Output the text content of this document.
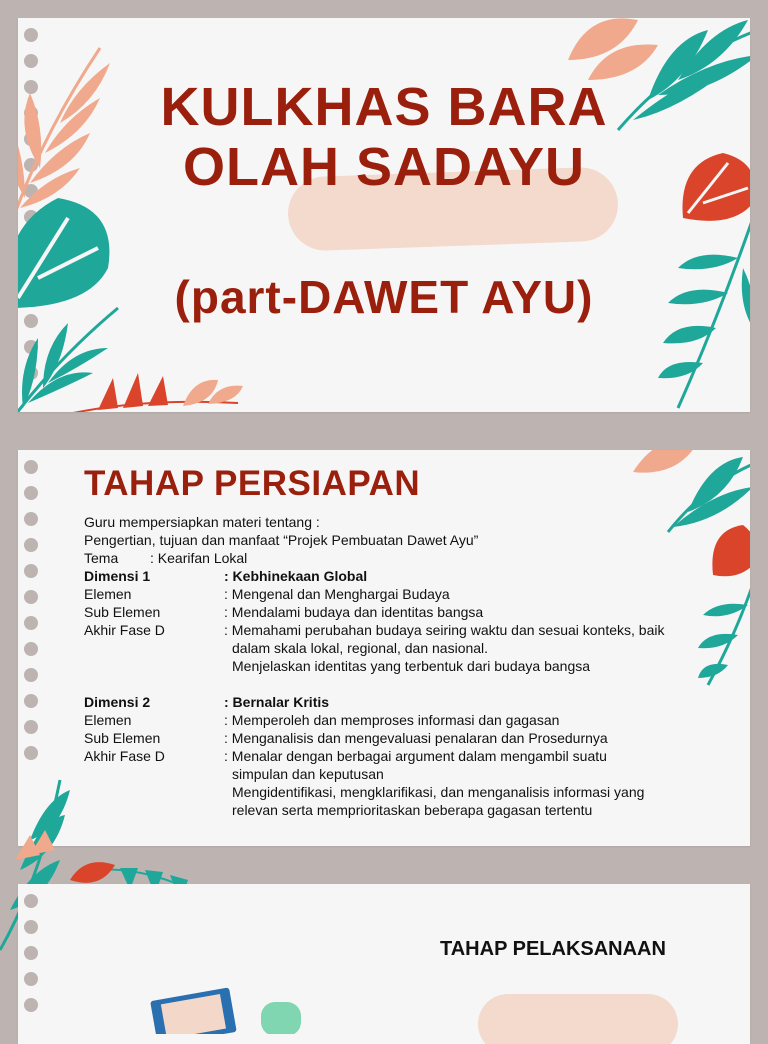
KULKHAS BARA
OLAH SADAYU
(part-DAWET AYU)
TAHAP PERSIAPAN
Guru mempersiapkan materi tentang :
Pengertian, tujuan dan manfaat “Projek Pembuatan Dawet Ayu”
Tema : Kearifan Lokal
Dimensi 1	: Kebhinekaan Global
Elemen	: Mengenal dan Menghargai Budaya
Sub Elemen	: Mendalami budaya dan identitas bangsa
Akhir Fase D	: Memahami perubahan budaya seiring waktu dan sesuai konteks, baik
dalam skala lokal, regional, dan nasional.
Menjelaskan identitas yang terbentuk dari budaya bangsa
Dimensi 2	: Bernalar Kritis
Elemen	: Memperoleh dan memproses informasi dan gagasan
Sub Elemen	: Menganalisis dan mengevaluasi penalaran dan Prosedurnya
Akhir Fase D	: Menalar dengan berbagai argument dalam mengambil suatu
simpulan dan keputusan
Mengidentifikasi, mengklarifikasi, dan menganalisis informasi yang
relevan serta memprioritaskan beberapa gagasan tertentu
TAHAP PELAKSANAAN
